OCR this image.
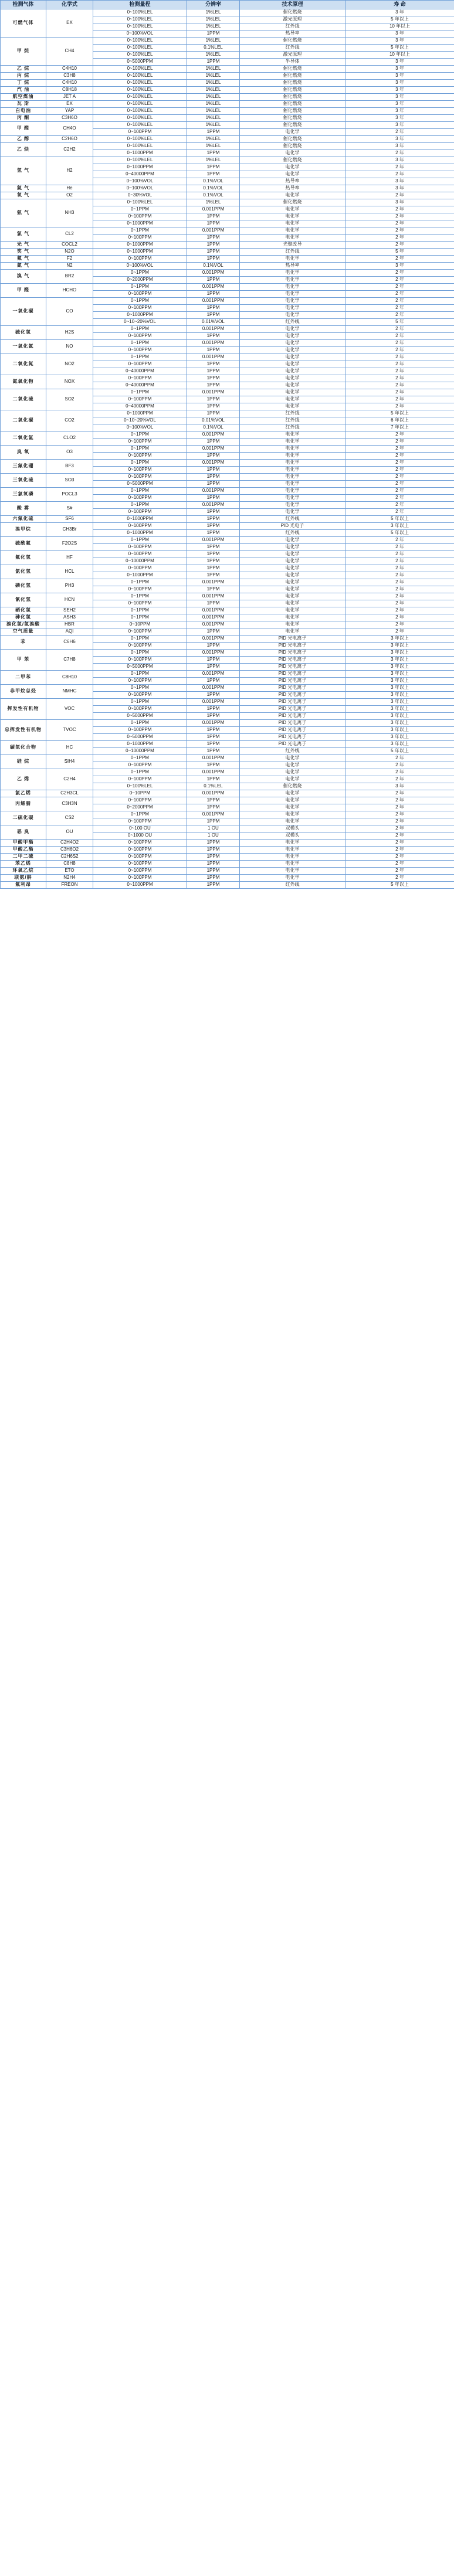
检测气体	化学式	检测量程	分辨率	技术原理	寿 命
可燃气体	EX	0~100%LEL	1%LEL	催化燃烧	3 年
		0~100%LEL	1%LEL	激光原理	5 年以上
		0~100%LEL	1%LEL	红外线	10 年以上
		0~100%VOL	1PPM	热导率	3 年
甲 烷	CH4	0~100%LEL	1%LEL	催化燃烧	3 年
		0~100%LEL	0.1%LEL	红外线	5 年以上
		0~100%LEL	1%LEL	激光原理	10 年以上
		0~5000PPM	1PPM	半导体	3 年
乙 烷	C4H10	0~100%LEL	1%LEL	催化燃烧	3 年
丙 烷	C3H8	0~100%LEL	1%LEL	催化燃烧	3 年
丁 烷	C4H10	0~100%LEL	1%LEL	催化燃烧	3 年
汽 油	C8H18	0~100%LEL	1%LEL	催化燃烧	3 年
航空煤油	JET A	0~100%LEL	1%LEL	催化燃烧	3 年
瓦 斯	EX	0~100%LEL	1%LEL	催化燃烧	3 年
白电油	YAP	0~100%LEL	1%LEL	催化燃烧	3 年
丙 酮	C3H6O	0~100%LEL	1%LEL	催化燃烧	3 年
甲 醛	CH4O	0~100%LEL	1%LEL	催化燃烧	3 年
		0~100PPM	1PPM	电化学	2 年
乙 醇	C2H6O	0~100%LEL	1%LEL	催化燃烧	3 年
乙 炔	C2H2	0~100%LEL	1%LEL	催化燃烧	3 年
		0~1000PPM	1PPM	电化学	2 年
氢 气	H2	0~100%LEL	1%LEL	催化燃烧	3 年
		0~1000PPM	1PPM	电化学	2 年
		0~40000PPM	1PPM	电化学	2 年
		0~100%VOL	0.1%VOL	热导率	3 年
氦 气	He	0~100%VOL	0.1%VOL	热导率	3 年
氧 气	O2	0~30%VOL	0.1%VOL	电化学	2 年
氨 气	NH3	0~100%LEL	1%LEL	催化燃烧	3 年
		0~1PPM	0.001PPM	电化学	2 年
		0~100PPM	1PPM	电化学	2 年
		0~1000PPM	1PPM	电化学	2 年
氯 气	CL2	0~1PPM	0.001PPM	电化学	2 年
		0~100PPM	1PPM	电化学	2 年
光 气	COCL2	0~1000PPM	1PPM	光聚改导	2 年
笑 气	N2O	0~1000PPM	1PPM	红外线	5 年
氟 气	F2	0~100PPM	1PPM	电化学	2 年
氮 气	N2	0~100%VOL	0.1%VOL	热导率	3 年
溴 气	BR2	0~1PPM	0.001PPM	电化学	2 年
		0~2000PPM	1PPM	电化学	2 年
甲 醛	HCHO	0~1PPM	0.001PPM	电化学	2 年
		0~100PPM	1PPM	电化学	2 年
一氧化碳	CO	0~1PPM	0.001PPM	电化学	2 年
		0~100PPM	1PPM	电化学	2 年
		0~1000PPM	1PPM	电化学	2 年
		0~10~20%VOL	0.01%VOL	红外线	5 年
硫化氢	H2S	0~1PPM	0.001PPM	电化学	2 年
		0~100PPM	1PPM	电化学	2 年
一氧化氮	NO	0~1PPM	0.001PPM	电化学	2 年
		0~100PPM	1PPM	电化学	2 年
二氧化氮	NO2	0~1PPM	0.001PPM	电化学	2 年
		0~100PPM	1PPM	电化学	2 年
		0~40000PPM	1PPM	电化学	2 年
氮氧化物	NOX	0~100PPM	1PPM	电化学	2 年
		0~40000PPM	1PPM	电化学	2 年
二氧化硫	SO2	0~1PPM	0.001PPM	电化学	2 年
		0~100PPM	1PPM	电化学	2 年
		0~40000PPM	1PPM	电化学	2 年
二氧化碳	CO2	0~1000PPM	1PPM	红外线	5 年以上
		0~10~20%VOL	0.01%VOL	红外线	6 年以上
		0~100%VOL	0.1%VOL	红外线	7 年以上
二氧化氯	CLO2	0~1PPM	0.001PPM	电化学	2 年
		0~100PPM	1PPM	电化学	2 年
臭 氧	O3	0~1PPM	0.001PPM	电化学	2 年
		0~100PPM	1PPM	电化学	2 年
三氟化硼	BF3	0~1PPM	0.001PPM	电化学	2 年
		0~100PPM	1PPM	电化学	2 年
三氧化硫	SO3	0~100PPM	1PPM	电化学	2 年
		0~5000PPM	1PPM	电化学	2 年
三氯氧磷	POCL3	0~1PPM	0.001PPM	电化学	2 年
		0~100PPM	1PPM	电化学	2 年
酸 雾	S#	0~1PPM	0.001PPM	电化学	2 年
		0~100PPM	1PPM	电化学	2 年
六氟化硫	SF6	0~1000PPM	1PPM	红外线	5 年以上
溴甲烷	CH3Br	0~100PPM	1PPM	PID 光电子	3 年以上
		0~1000PPM	1PPM	红外线	5 年以上
硫酰氟	F2O2S	0~1PPM	0.001PPM	电化学	2 年
		0~100PPM	1PPM	电化学	2 年
氟化氢	HF	0~100PPM	1PPM	电化学	2 年
		0~10000PPM	1PPM	电化学	2 年
氯化氢	HCL	0~100PPM	1PPM	电化学	2 年
		0~1000PPM	1PPM	电化学	2 年
磷化氢	PH3	0~1PPM	0.001PPM	电化学	2 年
		0~100PPM	1PPM	电化学	2 年
氰化氢	HCN	0~1PPM	0.001PPM	电化学	2 年
		0~100PPM	1PPM	电化学	2 年
硒化氢	SEH2	0~1PPM	0.001PPM	电化学	2 年
砷化氢	ASH3	0~1PPM	0.001PPM	电化学	2 年
溴化氢/氢溴酸	HBR	0~10PPM	0.001PPM	电化学	2 年
空气质量	AQI	0~100PPM	1PPM	电化学	2 年
苯	C6H6	0~1PPM	0.001PPM	PID 光电离子	3 年以上
		0~100PPM	1PPM	PID 光电离子	3 年以上
甲 苯	C7H8	0~1PPM	0.001PPM	PID 光电离子	3 年以上
		0~100PPM	1PPM	PID 光电离子	3 年以上
		0~5000PPM	1PPM	PID 光电离子	3 年以上
二甲苯	C8H10	0~1PPM	0.001PPM	PID 光电离子	3 年以上
		0~100PPM	1PPM	PID 光电离子	3 年以上
非甲烷总烃	NMHC	0~1PPM	0.001PPM	PID 光电离子	3 年以上
		0~100PPM	1PPM	PID 光电离子	3 年以上
挥发性有机物	VOC	0~1PPM	0.001PPM	PID 光电离子	3 年以上
		0~100PPM	1PPM	PID 光电离子	3 年以上
		0~5000PPM	1PPM	PID 光电离子	3 年以上
总挥发性有机物	TVOC	0~1PPM	0.001PPM	PID 光电离子	3 年以上
		0~100PPM	1PPM	PID 光电离子	3 年以上
		0~5000PPM	1PPM	PID 光电离子	3 年以上
碳氢化合物	HC	0~1000PPM	1PPM	PID 光电离子	3 年以上
		0~10000PPM	1PPM	红外线	5 年以上
硅 烷	SIH4	0~1PPM	0.001PPM	电化学	2 年
		0~100PPM	1PPM	电化学	2 年
乙 烯	C2H4	0~1PPM	0.001PPM	电化学	2 年
		0~100PPM	1PPM	电化学	2 年
		0~100%LEL	0.1%LEL	催化燃烧	3 年
氯乙烯	C2H3CL	0~10PPM	0.001PPM	电化学	2 年
丙烯腈	C3H3N	0~100PPM	1PPM	电化学	2 年
		0~2000PPM	1PPM	电化学	2 年
二硫化碳	CS2	0~1PPM	0.001PPM	电化学	2 年
		0~100PPM	1PPM	电化学	2 年
恶 臭	OU	0~100 OU	1 OU	双模头	2 年
		0~1000 OU	1 OU	双模头	2 年
甲酸甲酯	C2H4O2	0~100PPM	1PPM	电化学	2 年
甲酸乙酯	C3H6O2	0~100PPM	1PPM	电化学	2 年
二甲二硫	C2H6S2	0~100PPM	1PPM	电化学	2 年
苯乙烯	C8H8	0~100PPM	1PPM	电化学	2 年
环氧乙烷	ETO	0~100PPM	1PPM	电化学	2 年
联氨/肼	N2H4	0~100PPM	1PPM	电化学	2 年
氟利昂	FREON	0~1000PPM	1PPM	红外线	5 年以上
